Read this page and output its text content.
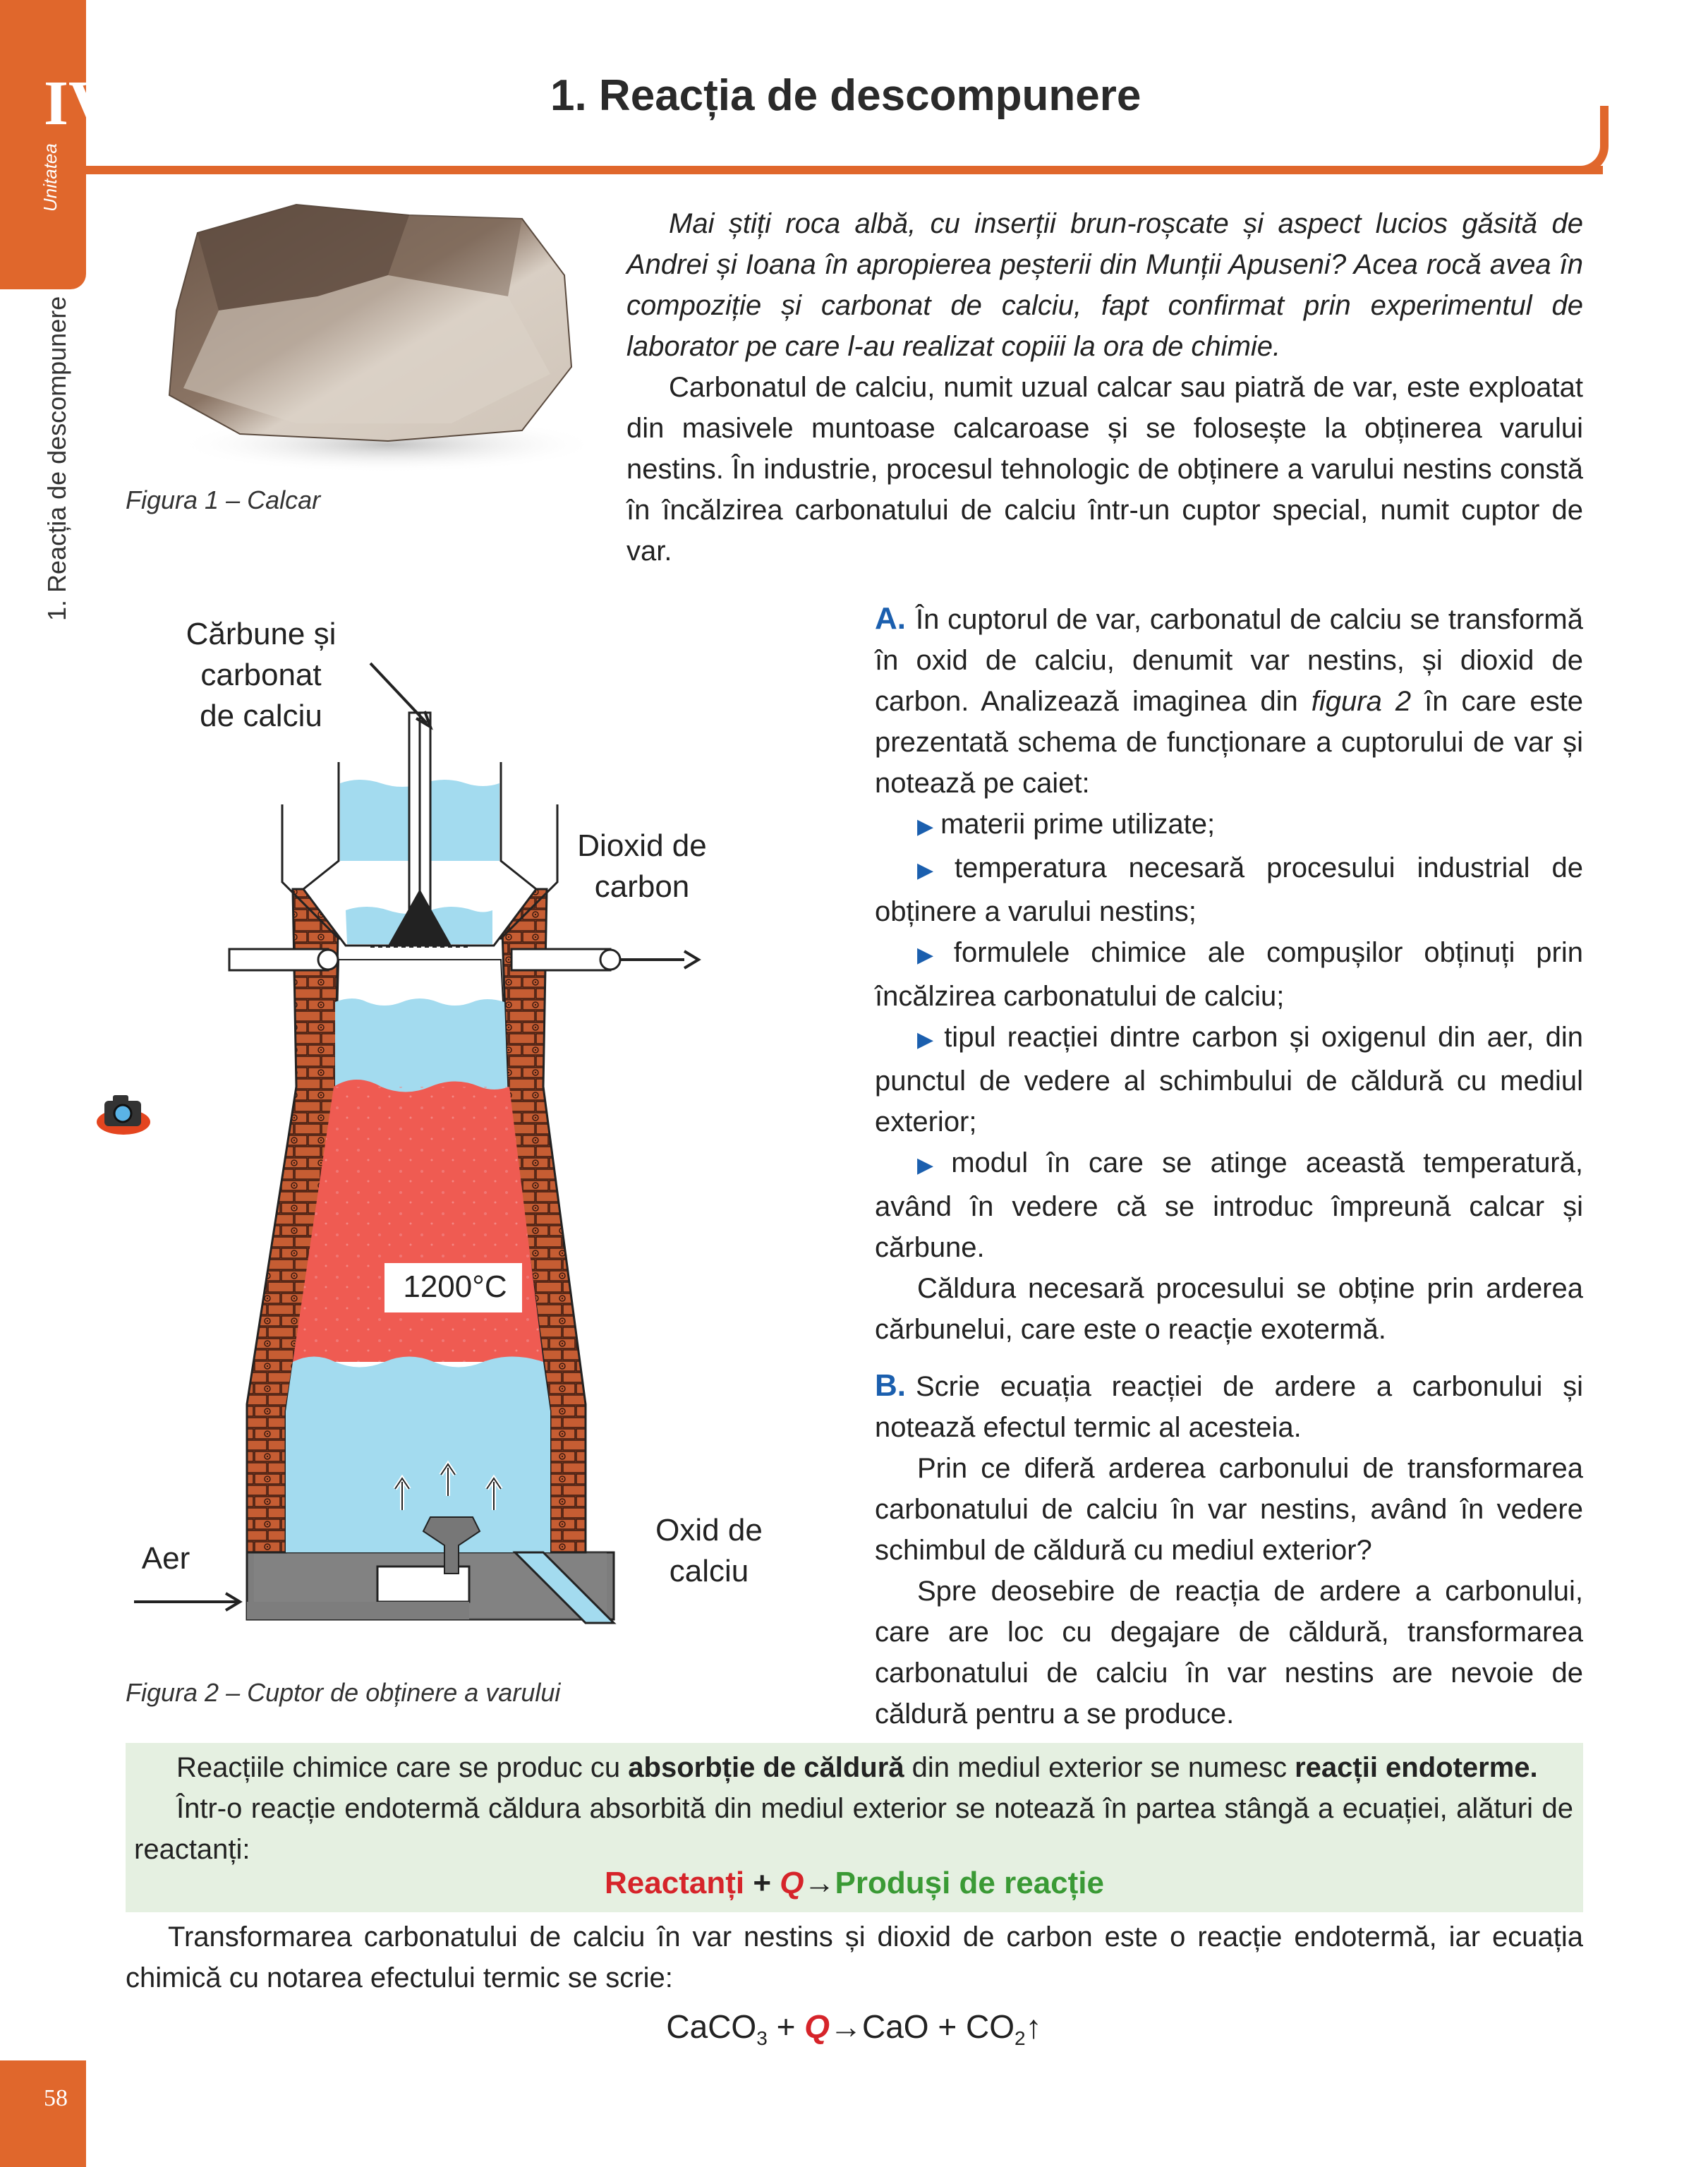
IV
Unitatea
1. Reacția de descompunere
58
1. Reacția de descompunere
Figura 1 – Calcar

Mai știți roca albă, cu inserții brun-roșcate și aspect lucios găsită de Andrei și Ioana în apropierea peșterii din Munții Apuseni? Acea rocă avea în compoziție și carbonat de calciu, fapt confirmat prin experimentul de laborator pe care l-au realizat copiii la ora de chimie.

Carbonatul de calciu, numit uzual calcar sau piatră de var, este exploatat din masivele muntoase calcaroase și se folosește la obținerea varului nestins. În industrie, procesul tehnologic de obținere a varului nestins constă în încălzirea carbonatului de calciu într-un cuptor special, numit cuptor de var.

Cărbune și carbonat de calciu
Dioxid de carbon
1200°C
Aer
Oxid de calciu
Figura 2 – Cuptor de obținere a varului

A. În cuptorul de var, carbonatul de calciu se transformă în oxid de calciu, denumit var nestins, și dioxid de carbon. Analizează imaginea din figura 2 în care este prezentată schema de funcționare a cuptorului de var și notează pe caiet:

▶ materii prime utilizate;

▶ temperatura necesară procesului industrial de obținere a varului nestins;

▶ formulele chimice ale compușilor obținuți prin încălzirea carbonatului de calciu;

▶ tipul reacției dintre carbon și oxigenul din aer, din punctul de vedere al schimbului de căldură cu mediul exterior;

▶ modul în care se atinge această temperatură, având în vedere că se introduc împreună calcar și cărbune.

Căldura necesară procesului se obține prin arderea cărbunelui, care este o reacție exotermă.

B. Scrie ecuația reacției de ardere a carbonului și notează efectul termic al acesteia.

Prin ce diferă arderea carbonului de transformarea carbonatului de calciu în var nestins, având în vedere schimbul de căldură cu mediul exterior?

Spre deosebire de reacția de ardere a carbonului, care are loc cu degajare de căldură, transformarea carbonatului de calciu în var nestins are nevoie de căldură pentru a se produce.

Reacțiile chimice care se produc cu absorbție de căldură din mediul exterior se numesc reacții endoterme.

Într-o reacție endotermă căldura absorbită din mediul exterior se notează în partea stângă a ecuației, alături de reactanți:

Reactanți + Q→Produși de reacție

Transformarea carbonatului de calciu în var nestins și dioxid de carbon este o reacție endotermă, iar ecuația chimică cu notarea efectului termic se scrie:

CaCO$_3$ + $Q\to CaO + CO_2↑$
